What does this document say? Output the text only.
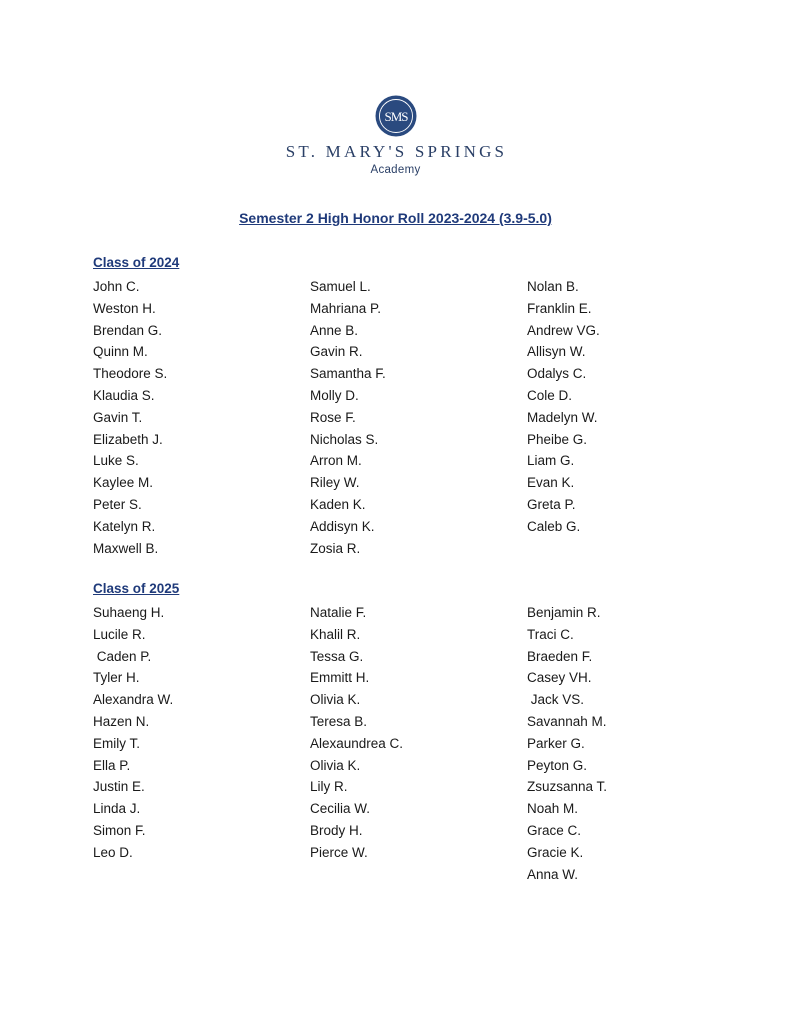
SMS
ST. MARY'S SPRINGS
Academy
Semester 2 High Honor Roll 2023-2024 (3.9-5.0)
Class of 2024
John C.
Weston H.
Brendan G.
Quinn M.
Theodore S.
Klaudia S.
Gavin T.
Elizabeth J.
Luke S.
Kaylee M.
Peter S.
Katelyn R.
Maxwell B.
Samuel L.
Mahriana P.
Anne B.
Gavin R.
Samantha F.
Molly D.
Rose F.
Nicholas S.
Arron M.
Riley W.
Kaden K.
Addisyn K.
Zosia R.
Nolan B.
Franklin E.
Andrew VG.
Allisyn W.
Odalys C.
Cole D.
Madelyn W.
Pheibe G.
Liam G.
Evan K.
Greta P.
Caleb G.
Class of 2025
Suhaeng H.
Lucile R.
Caden P.
Tyler H.
Alexandra W.
Hazen N.
Emily T.
Ella P.
Justin E.
Linda J.
Simon F.
Leo D.
Natalie F.
Khalil R.
Tessa G.
Emmitt H.
Olivia K.
Teresa B.
Alexaundrea C.
Olivia K.
Lily R.
Cecilia W.
Brody H.
Pierce W.
Benjamin R.
Traci C.
Braeden F.
Casey VH.
Jack VS.
Savannah M.
Parker G.
Peyton G.
Zsuzsanna T.
Noah M.
Grace C.
Gracie K.
Anna W.
